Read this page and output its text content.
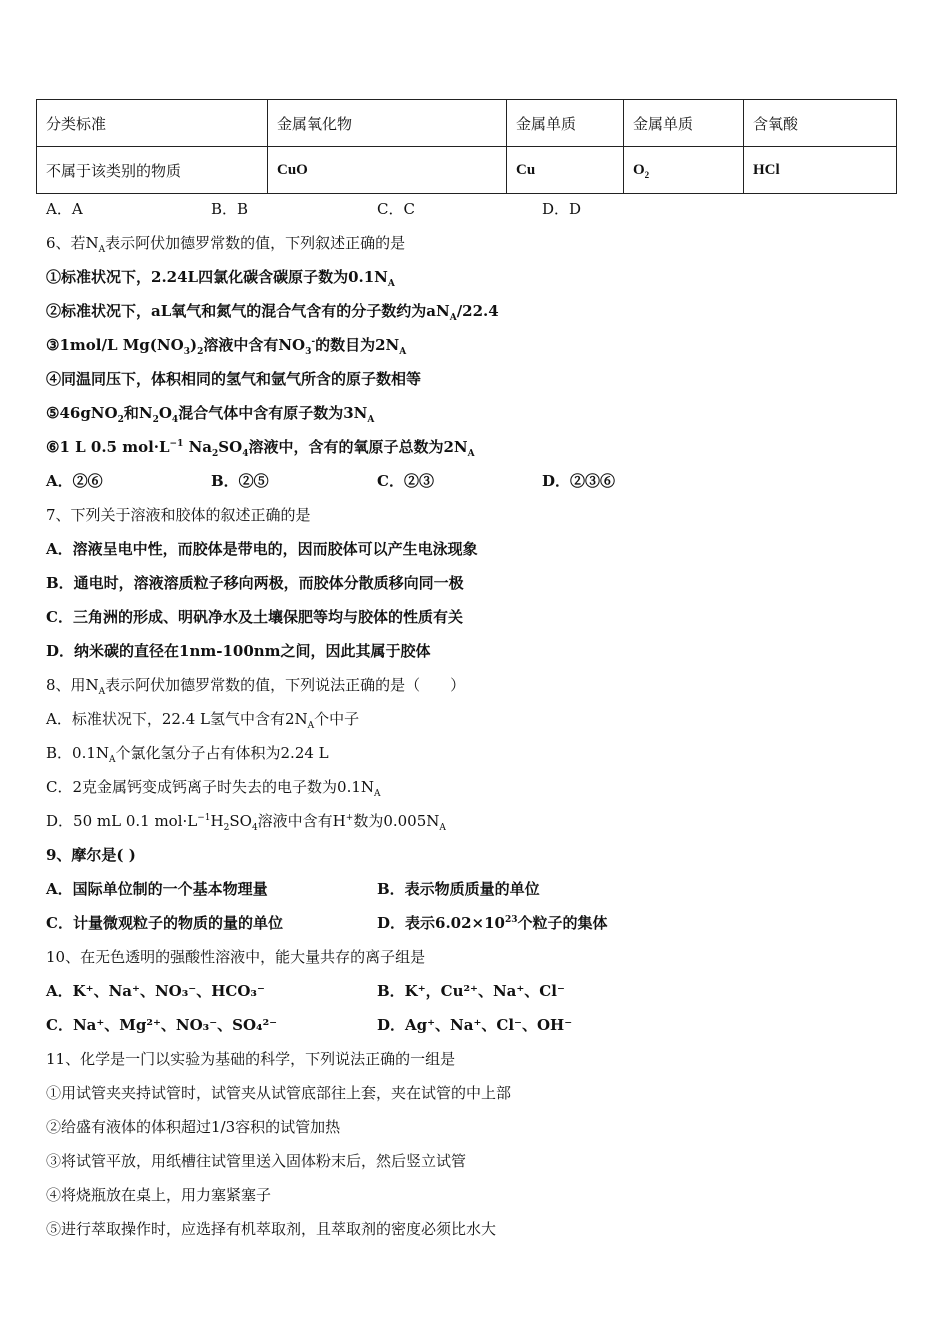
分类标准	金属氧化物	金属单质	金属单质	含氧酸
不属于该类别的物质	CuO	Cu	$O_2$	HCl
A．A	B．B	C．C	D．D
6、若$N_A$表示阿伏加德罗常数的值，下列叙述正确的是
①标准状况下，2.24L四氯化碳含碳原子数为$0.1N_A$
②标准状况下，aL氧气和氮气的混合气含有的分子数约为$aN_A/22.4$
③1mol/L $Mg(NO_3)_2$溶液中含有$NO_3^-$的数目为$2N_A$
④同温同压下，体积相同的氢气和氩气所含的原子数相等
⑤46gNO$_2$和$N_2O_4$混合气体中含有原子数为$3N_A$
⑥1 L 0.5 $mol\cdot L^{-1}$ $Na_2SO_4$溶液中，含有的氧原子总数为$2N_A$
A．②⑥	B．②⑤	C．②③	D．②③⑥
7、下列关于溶液和胶体的叙述正确的是
A．溶液呈电中性，而胶体是带电的，因而胶体可以产生电泳现象
B．通电时，溶液溶质粒子移向两极，而胶体分散质移向同一极
C．三角洲的形成、明矾净水及土壤保肥等均与胶体的性质有关
D．纳米碳的直径在1nm-100nm之间，因此其属于胶体
8、用$N_A$表示阿伏加德罗常数的值，下列说法正确的是（　　）
A．标准状况下，22.4 L氢气中含有$2N_A$个中子
B．$0.1N_A$个氯化氢分子占有体积为2.24 L
C．2克金属钙变成钙离子时失去的电子数为$0.1N_A$
D．50 mL 0.1 $mol\cdot L^{-1}H_2SO_4$溶液中含有H+数为$0.005N_A$
9、摩尔是( )
A．国际单位制的一个基本物理量	B．表示物质质量的单位
C．计量微观粒子的物质的量的单位	D．表示$6.02\times 10^{23}$个粒子的集体
10、在无色透明的强酸性溶液中，能大量共存的离子组是
A．K⁺、Na⁺、NO₃⁻、HCO₃⁻	B．K⁺，Cu²⁺、Na⁺、Cl⁻
C．Na⁺、Mg²⁺、NO₃⁻、SO₄²⁻	D．Ag⁺、Na⁺、Cl⁻、OH⁻
11、化学是一门以实验为基础的科学，下列说法正确的一组是
①用试管夹夹持试管时，试管夹从试管底部往上套，夹在试管的中上部
②给盛有液体的体积超过1/3容积的试管加热
③将试管平放，用纸槽往试管里送入固体粉末后，然后竖立试管
④将烧瓶放在桌上，用力塞紧塞子
⑤进行萃取操作时，应选择有机萃取剂，且萃取剂的密度必须比水大
